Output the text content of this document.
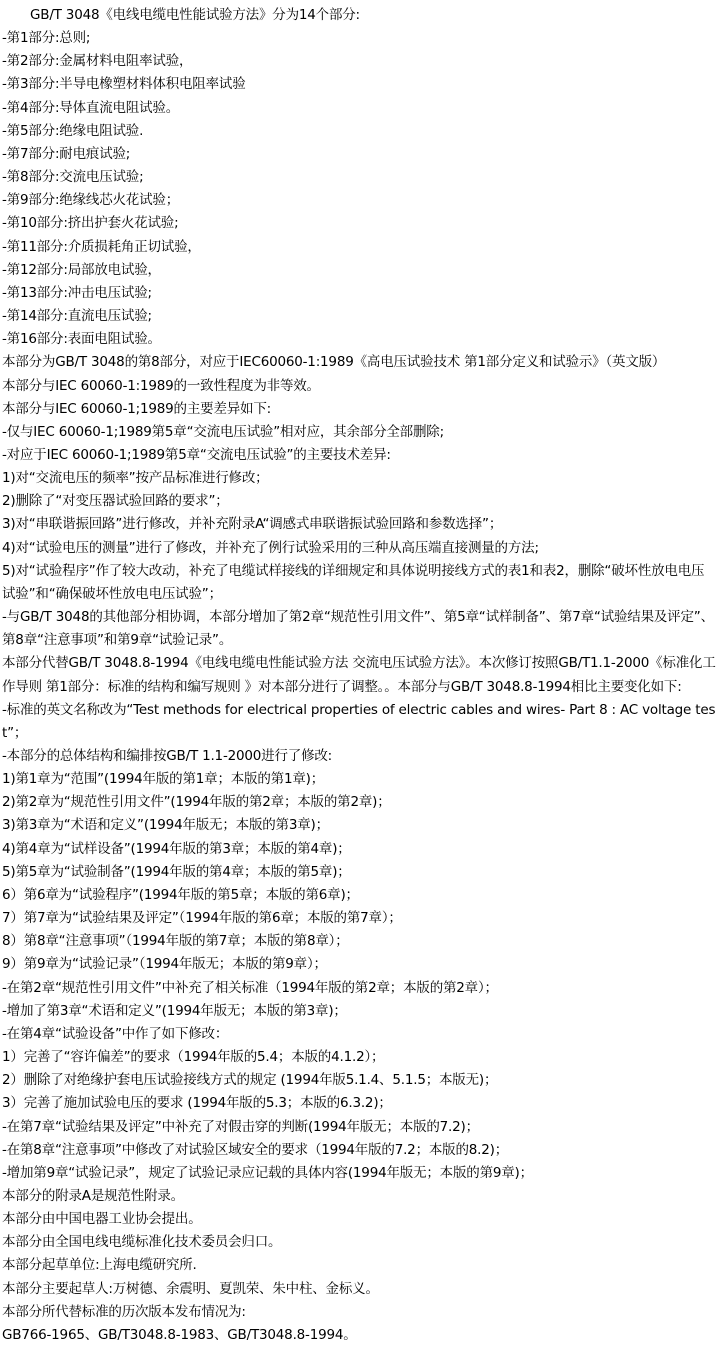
GB/T 3048《电线电缆电性能试验方法》分为14个部分:
-第1部分:总则;
-第2部分:金属材料电阻率试验，
-第3部分:半导电橡塑材料体积电阻率试验
-第4部分:导体直流电阻试验。
-第5部分:绝缘电阻试验.
-第7部分:耐电痕试验;
-第8部分:交流电压试验;
-第9部分:绝缘线芯火花试验；
-第10部分:挤出护套火花试验;
-第11部分:介质损耗角正切试验，
-第12部分:局部放电试验，
-第13部分:冲击电压试验;
-第14部分:直流电压试验;
-第16部分:表面电阻试验。
本部分为GB/T 3048的第8部分，对应于IEC60060-1:1989《高电压试验技术 第1部分定义和试验示》（英文版）
本部分与IEC 60060-1:1989的一致性程度为非等效。
本部分与IEC 60060-1;1989的主要差异如下:
-仅与IEC 60060-1;1989第5章“交流电压试验”相对应，其余部分全部删除;
-对应于IEC 60060-1;1989第5章“交流电压试验”的主要技术差异:
1)对“交流电压的频率”按产品标准进行修改；
2)删除了“对变压器试验回路的要求”；
3)对“串联谐振回路”进行修改，并补充附录A“调感式串联谐振试验回路和参数选择”；
4)对“试验电压的测量”进行了修改，并补充了例行试验采用的三种从高压端直接测量的方法;
5)对“试验程序”作了较大改动，补充了电缆试样接线的详细规定和具体说明接线方式的表1和表2，删除“破坏性放电电压试验”和“确保破坏性放电电压试验”；
-与GB/T 3048的其他部分相协调，本部分增加了第2章“规范性引用文件”、第5章“试样制备”、第7章“试验结果及评定”、第8章“注意事项”和第9章“试验记录”。
本部分代替GB/T 3048.8-1994《电线电缆电性能试验方法 交流电压试验方法》。本次修订按照GB/T1.1-2000《标准化工作导则 第1部分：标准的结构和编写规则 》对本部分进行了调整。。本部分与GB/T 3048.8-1994相比主要变化如下:
-标准的英文名称改为“Test methods for electrical properties of electric cables and wires- Part 8 : AC voltage test”；
-本部分的总体结构和编排按GB/T 1.1-2000进行了修改:
1)第1章为“范围”(1994年版的第1章；本版的第1章)；
2)第2章为“规范性引用文件”(1994年版的第2章；本版的第2章)；
3)第3章为“术语和定义”(1994年版无；本版的第3章)；
4)第4章为“试样设备”(1994年版的第3章；本版的第4章)；
5)第5章为“试验制备”(1994年版的第4章；本版的第5章)；
6）第6章为“试验程序”(1994年版的第5章；本版的第6章)；
7）第7章为“试验结果及评定”（1994年版的第6章；本版的第7章）；
8）第8章“注意事项”（1994年版的第7章；本版的第8章）；
9）第9章为“试验记录”（1994年版无；本版的第9章）；
-在第2章“规范性引用文件”中补充了相关标准（1994年版的第2章；本版的第2章）；
-增加了第3章“术语和定义”(1994年版无；本版的第3章)；
-在第4章“试验设备”中作了如下修改：
1）完善了“容许偏差”的要求（1994年版的5.4；本版的4.1.2）；
2）删除了对绝缘护套电压试验接线方式的规定 (1994年版5.1.4、5.1.5；本版无)；
3）完善了施加试验电压的要求 (1994年版的5.3；本版的6.3.2)；
-在第7章“试验结果及评定”中补充了对假击穿的判断(1994年版无；本版的7.2)；
-在第8章“注意事项”中修改了对试验区域安全的要求（1994年版的7.2；本版的8.2)；
-增加第9章“试验记录”，规定了试验记录应记载的具体内容(1994年版无；本版的第9章)；
本部分的附录A是规范性附录。
本部分由中国电器工业协会提出。
本部分由全国电线电缆标准化技术委员会归口。
本部分起草单位:上海电缆研究所.
本部分主要起草人:万树德、余震明、夏凯荣、朱中柱、金标义。
本部分所代替标准的历次版本发布情况为:
GB766-1965、GB/T3048.8-1983、GB/T3048.8-1994。
